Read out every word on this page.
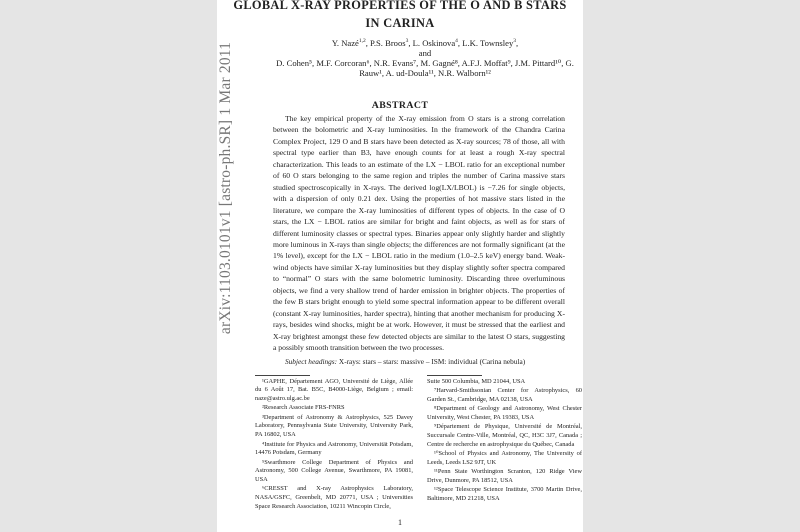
arXiv:1103.0101v1 [astro-ph.SR] 1 Mar 2011
GLOBAL X-RAY PROPERTIES OF THE O AND B STARS IN CARINA
Y. Nazé$^{1,2}$, P.S. Broos$^3$, L. Oskinova$^4$, L.K. Townsley$^3$,
and
D. Cohen⁵, M.F. Corcoran⁶, N.R. Evans⁷, M. Gagné⁸, A.F.J. Moffat⁹, J.M. Pittard¹⁰, G. Rauw¹, A. ud-Doula¹¹, N.R. Walborn¹²
ABSTRACT

The key empirical property of the X-ray emission from O stars is a strong correlation between the bolometric and X-ray luminosities. In the framework of the Chandra Carina Complex Project, 129 O and B stars have been detected as X-ray sources; 78 of those, all with spectral type earlier than B3, have enough counts for at least a rough X-ray spectral characterization. This leads to an estimate of the LX − LBOL ratio for an exceptional number of 60 O stars belonging to the same region and triples the number of Carina massive stars studied spectroscopically in X-rays. The derived log(LX/LBOL) is −7.26 for single objects, with a dispersion of only 0.21 dex. Using the properties of hot massive stars listed in the literature, we compare the X-ray luminosities of different types of objects. In the case of O stars, the LX − LBOL ratios are similar for bright and faint objects, as well as for stars of different luminosity classes or spectral types. Binaries appear only slightly harder and slightly more luminous in X-rays than single objects; the differences are not formally significant (at the 1% level), except for the LX − LBOL ratio in the medium (1.0–2.5 keV) energy band. Weak-wind objects have similar X-ray luminosities but they display slightly softer spectra compared to “normal” O stars with the same bolometric luminosity. Discarding three overluminous objects, we find a very shallow trend of harder emission in brighter objects. The properties of the few B stars bright enough to yield some spectral information appear to be different overall (constant X-ray luminosities, harder spectra), hinting that another mechanism for producing X-rays, besides wind shocks, might be at work. However, it must be stressed that the earliest and X-ray brightest amongst these few detected objects are similar to the latest O stars, suggesting a possibly smooth transition between the two processes.

Subject headings: X-rays: stars – stars: massive – ISM: individual (Carina nebula)

¹GAPHE, Département AGO, Université de Liège, Allée du 6 Août 17, Bat. B5C, B4000-Liège, Belgium ; email: naze@astro.ulg.ac.be

²Research Associate FRS-FNRS

³Department of Astronomy & Astrophysics, 525 Davey Laboratory, Pennsylvania State University, University Park, PA 16802, USA

⁴Institute for Physics and Astronomy, Universität Potsdam, 14476 Potsdam, Germany

⁵Swarthmore College Department of Physics and Astronomy, 500 College Avenue, Swarthmore, PA 19081, USA

⁶CRESST and X-ray Astrophysics Laboratory, NASA/GSFC, Greenbelt, MD 20771, USA ; Universities Space Research Association, 10211 Wincopin Circle,

Suite 500 Columbia, MD 21044, USA

⁷Harvard-Smithsonian Center for Astrophysics, 60 Garden St., Cambridge, MA 02138, USA

⁸Department of Geology and Astronomy, West Chester University, West Chester, PA 19383, USA

⁹Département de Physique, Université de Montréal, Succursale Centre-Ville, Montréal, QC, H3C 3J7, Canada ; Centre de recherche en astrophysique du Québec, Canada

¹⁰School of Physics and Astronomy, The University of Leeds, Leeds LS2 9JT, UK

¹¹Penn State Worthington Scranton, 120 Ridge View Drive, Dunmore, PA 18512, USA

¹²Space Telescope Science Institute, 3700 Martin Drive, Baltimore, MD 21218, USA

1
